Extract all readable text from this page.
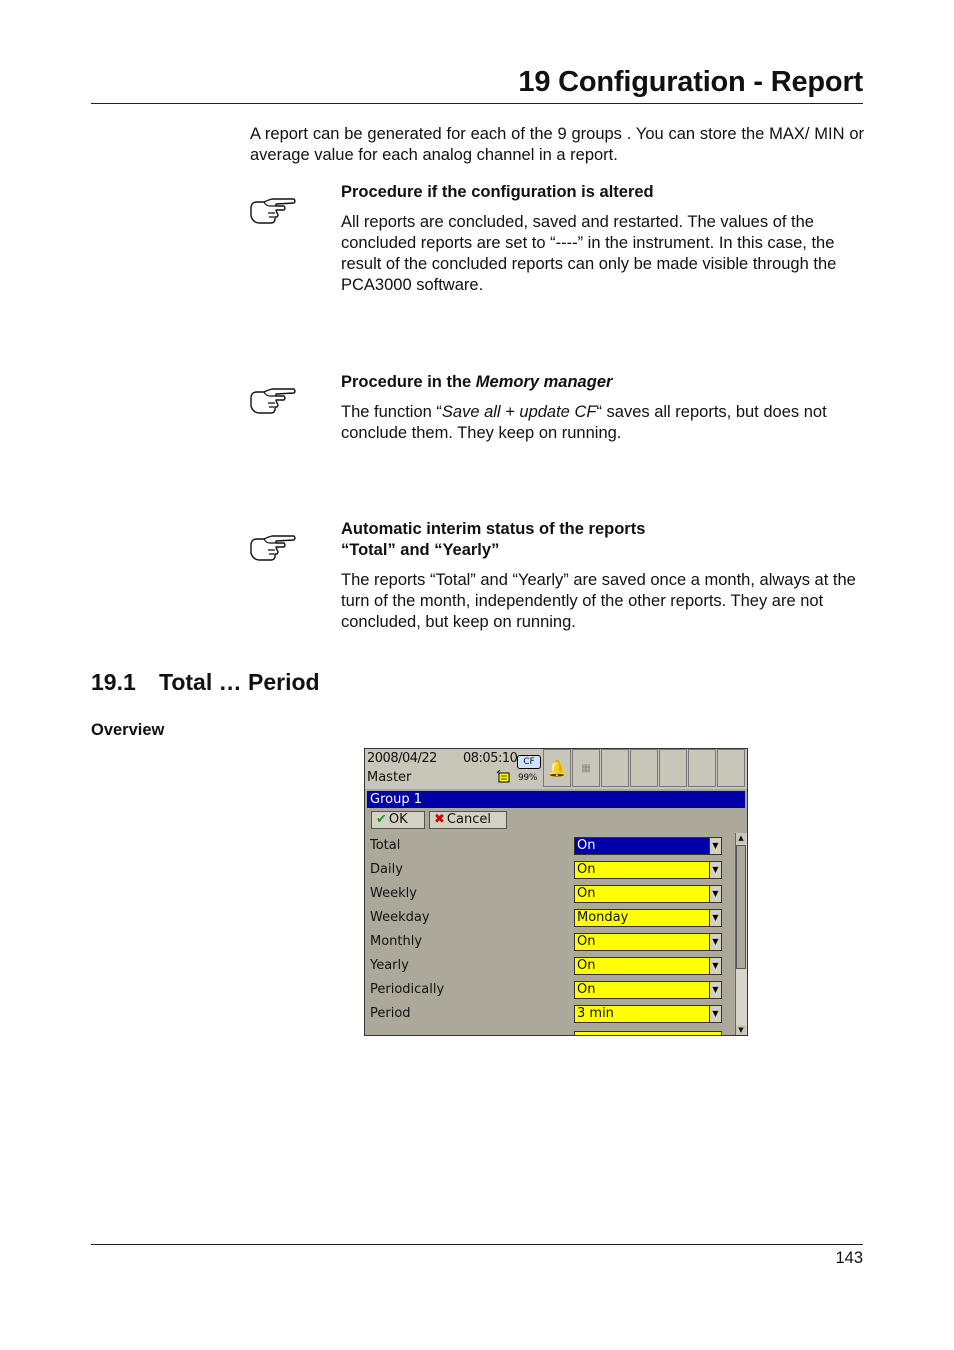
19 Configuration - Report
A report can be generated for each of the 9 groups . You can store the MAX/ MIN or average value for each analog channel in a report.
Procedure if the configuration is altered
All reports are concluded, saved and restarted. The values of the concluded reports are set to “----” in the instrument. In this case, the result of the concluded reports can only be made visible through the PCA3000 software.
Procedure in the Memory manager
The function “Save all + update CF“ saves all reports, but does not conclude them. They keep on running.
Automatic interim status of the reports
“Total” and “Yearly”
The reports “Total” and “Yearly” are saved once a month, always at the turn of the month, independently of the other reports. They are not concluded, but keep on running.
19.1 Total … Period
Overview
2008/04/22 08:05:10
Master
CF
99% 🔔	▦
Group 1
✔ OK	✖ Cancel
Total	On	▼
Daily	On	▼
Weekly	On	▼
Weekday	Monday	▼
Monthly	On	▼
Yearly	On	▼
Periodically	On	▼
Period	3 min	▼
▲
▼
143
